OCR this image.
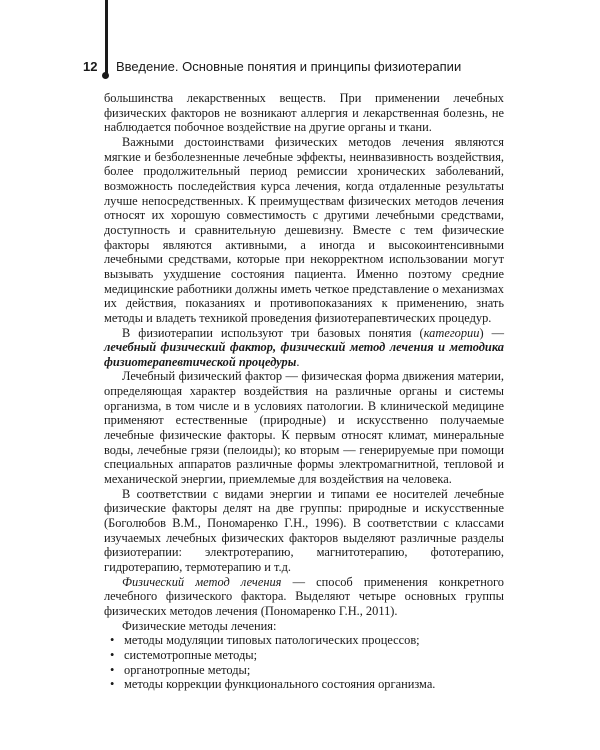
12 Введение. Основные понятия и принципы физиотерапии

большинства лекарственных веществ. При применении лечебных физических факторов не возникают аллергия и лекарственная болезнь, не наблюдается побочное воздействие на другие органы и ткани.

Важными достоинствами физических методов лечения являются мягкие и безболезненные лечебные эффекты, неинвазивность воздействия, более продолжительный период ремиссии хронических заболеваний, возможность последействия курса лечения, когда отдаленные результаты лучше непосредственных. К преимуществам физических методов лечения относят их хорошую совместимость с другими лечебными средствами, доступность и сравнительную дешевизну. Вместе с тем физические факторы являются активными, а иногда и высокоинтенсивными лечебными средствами, которые при некорректном использовании могут вызывать ухудшение состояния пациента. Именно поэтому средние медицинские работники должны иметь четкое представление о механизмах их действия, показаниях и противопоказаниях к применению, знать методы и владеть техникой проведения физиотерапевтических процедур.

В физиотерапии используют три базовых понятия (категории) — лечебный физический фактор, физический метод лечения и методика физиотерапевтической процедуры.

Лечебный физический фактор — физическая форма движения материи, определяющая характер воздействия на различные органы и системы организма, в том числе и в условиях патологии. В клинической медицине применяют естественные (природные) и искусственно получаемые лечебные физические факторы. К первым относят климат, минеральные воды, лечебные грязи (пелоиды); ко вторым — генерируемые при помощи специальных аппаратов различные формы электромагнитной, тепловой и механической энергии, приемлемые для воздействия на человека.

В соответствии с видами энергии и типами ее носителей лечебные физические факторы делят на две группы: природные и искусственные (Боголюбов В.М., Пономаренко Г.Н., 1996). В соответствии с классами изучаемых лечебных физических факторов выделяют различные разделы физиотерапии: электротерапию, магнитотерапию, фототерапию, гидротерапию, термотерапию и т.д.

Физический метод лечения — способ применения конкретного лечебного физического фактора. Выделяют четыре основных группы физических методов лечения (Пономаренко Г.Н., 2011).

Физические методы лечения:

• методы модуляции типовых патологических процессов;
• системотропные методы;
• органотропные методы;
• методы коррекции функционального состояния организма.
